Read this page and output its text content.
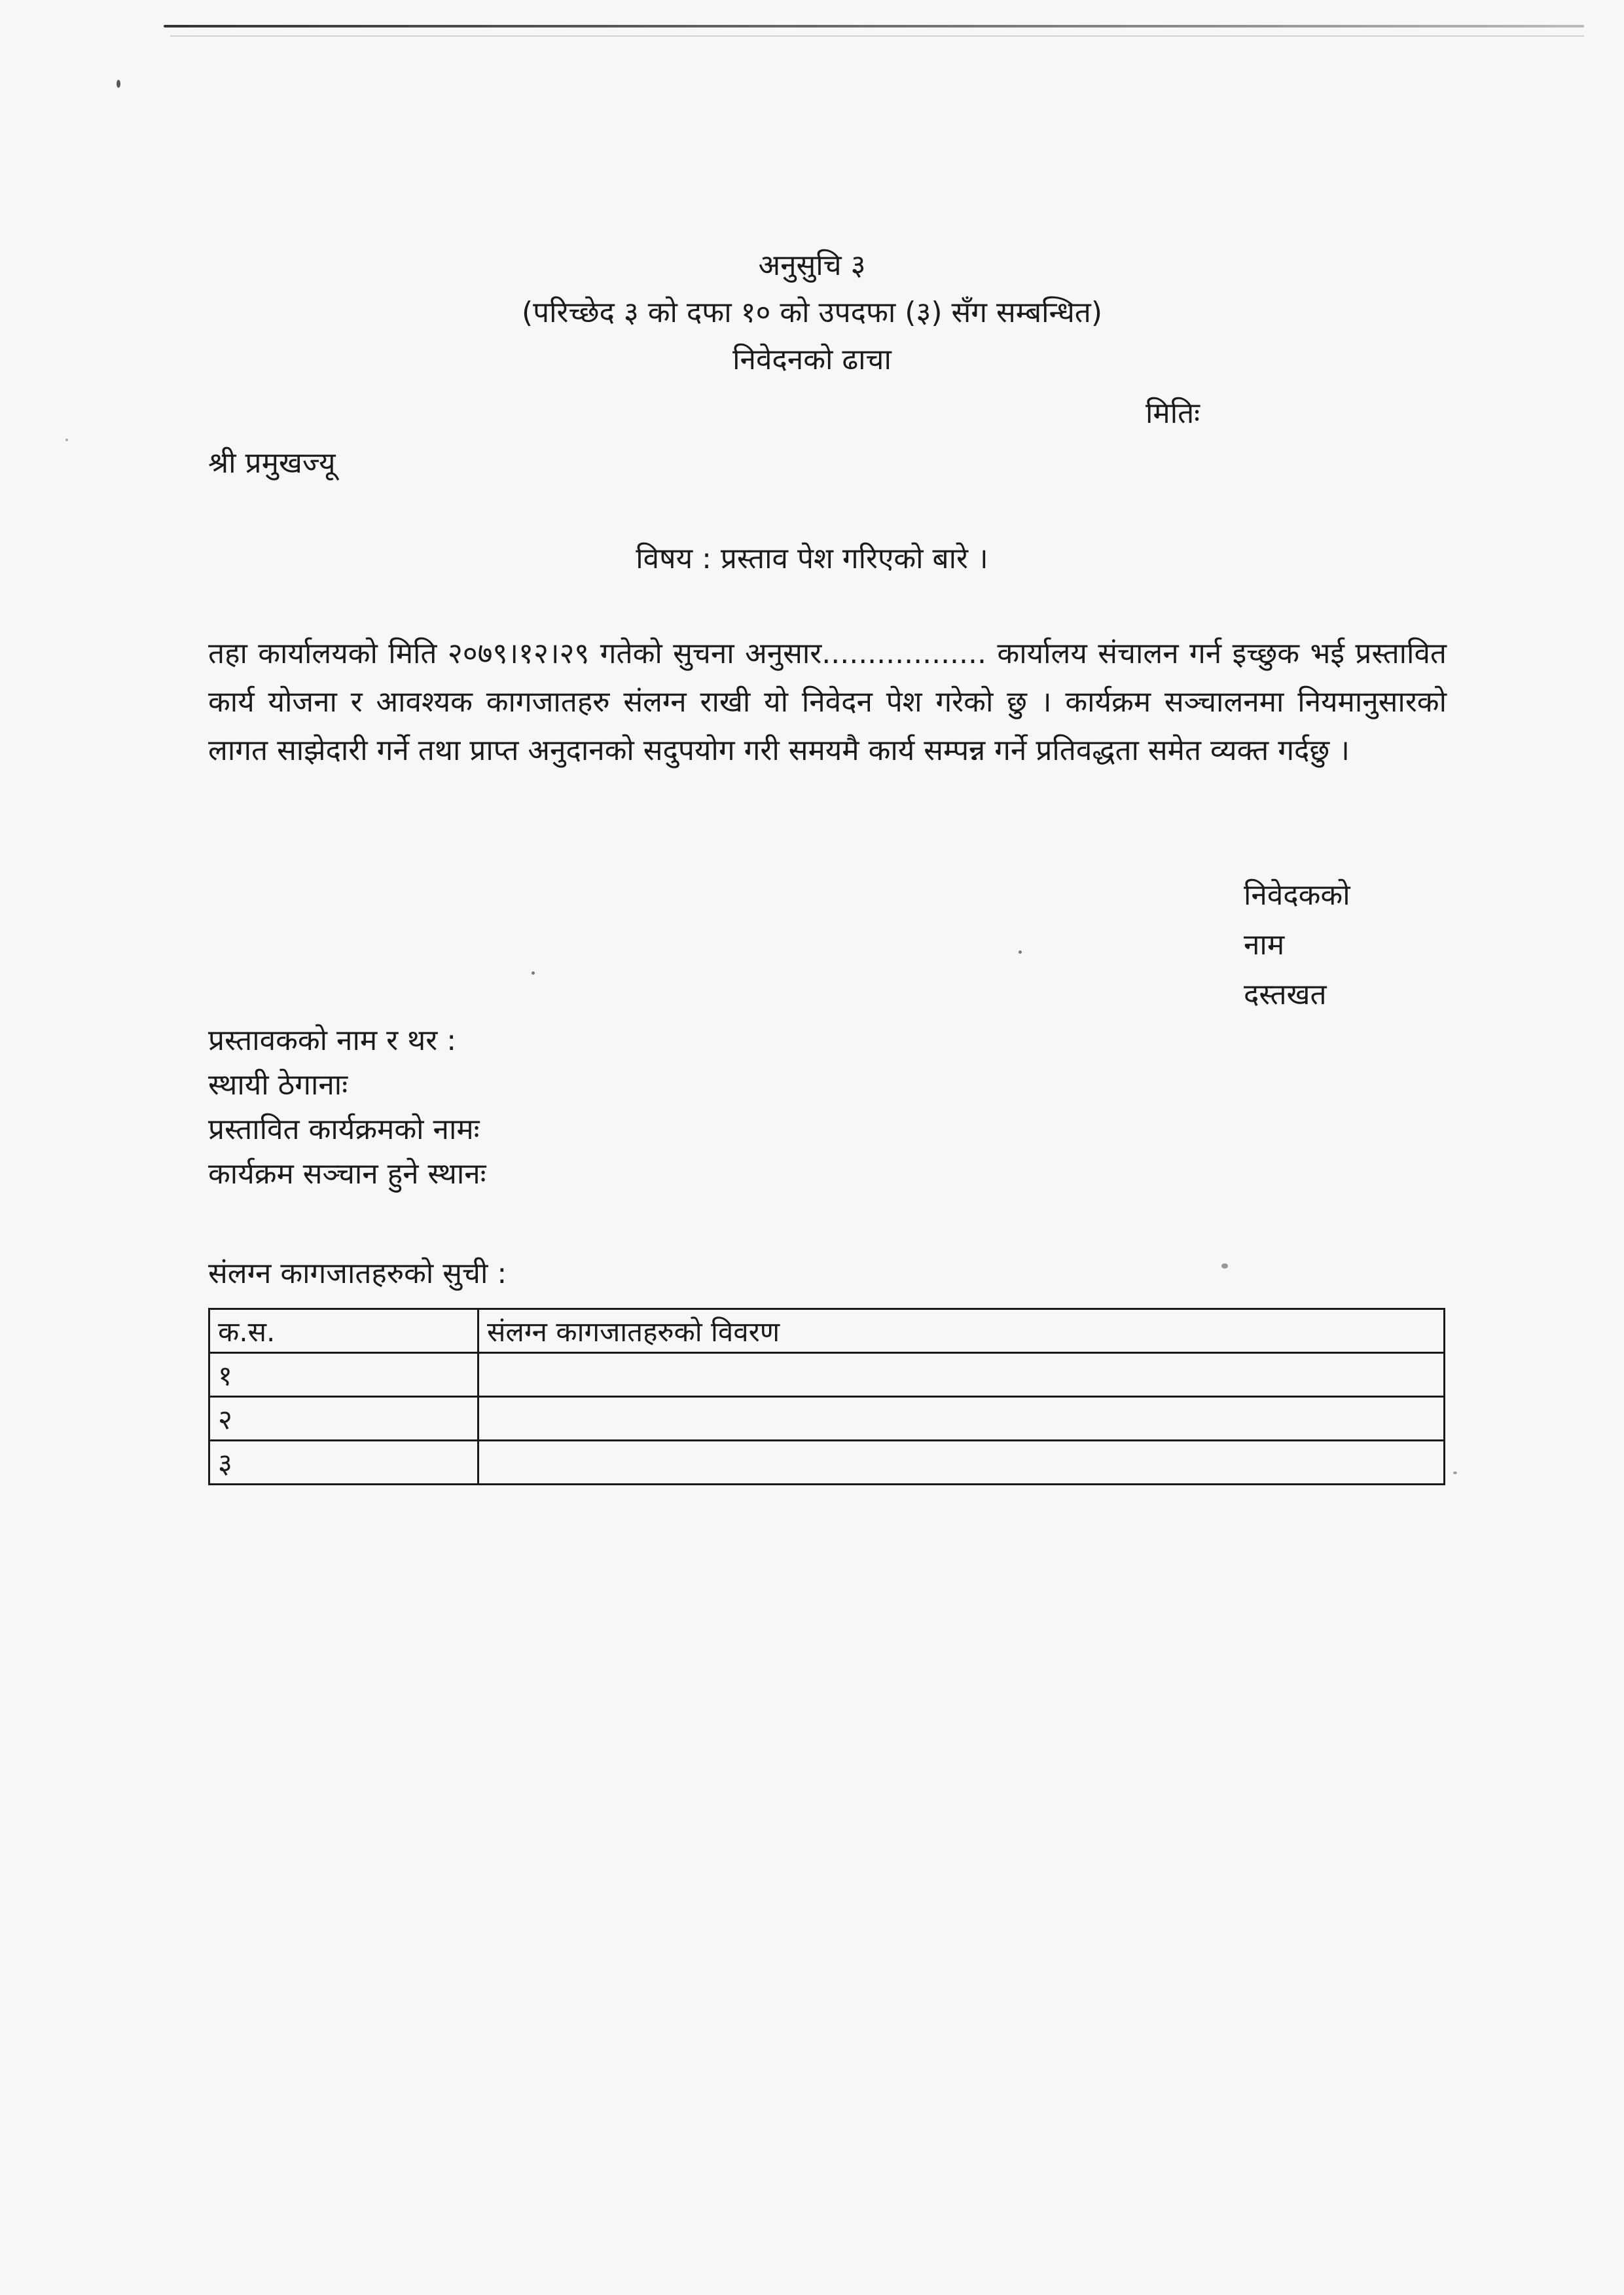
अनुसुचि ३
(परिच्छेद ३ को दफा १० को उपदफा (३) सँग सम्बन्धित)
निवेदनको ढाचा
मितिः
श्री प्रमुखज्यू
विषय : प्रस्ताव पेश गरिएको बारे ।
तहा कार्यालयको मिति २०७९।१२।२९ गतेको सुचना अनुसार.................. कार्यालय संचालन गर्न इच्छुक भई प्रस्तावित कार्य योजना र आवश्यक कागजातहरु संलग्न राखी यो निवेदन पेश गरेको छु । कार्यक्रम सञ्चालनमा नियमानुसारको लागत साझेदारी गर्ने तथा प्राप्त अनुदानको सदुपयोग गरी समयमै कार्य सम्पन्न गर्ने प्रतिवद्धता समेत व्यक्त गर्दछु ।
निवेदकको
नाम
दस्तखत
प्रस्तावकको नाम र थर :
स्थायी ठेगानाः
प्रस्तावित कार्यक्रमको नामः
कार्यक्रम सञ्चान हुने स्थानः
संलग्न कागजातहरुको सुची :
क.स.	संलग्न कागजातहरुको विवरण
१	
२	
३	
